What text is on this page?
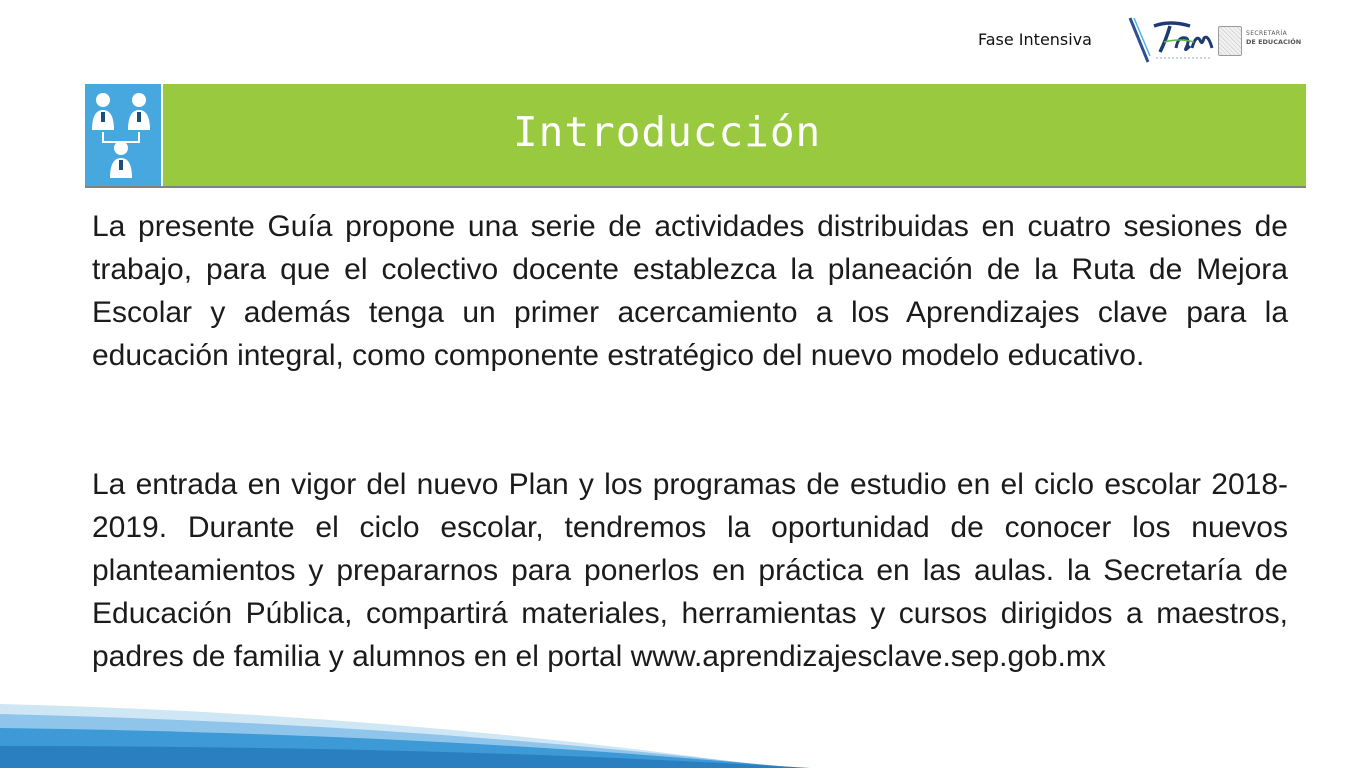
Fase Intensiva	SECRETARÍA
DE EDUCACIÓN
Introducción

La presente Guía propone una serie de actividades distribuidas en cuatro sesiones de trabajo, para que el colectivo docente establezca la planeación de la Ruta de Mejora Escolar y además tenga un primer acercamiento a los Aprendizajes clave para la educación integral, como componente estratégico del nuevo modelo educativo.

La entrada en vigor del nuevo Plan y los programas de estudio en el ciclo escolar 2018-2019. Durante el ciclo escolar, tendremos la oportunidad de conocer los nuevos planteamientos y prepararnos para ponerlos en práctica en las aulas. la Secretaría de Educación Pública, compartirá materiales, herramientas y cursos dirigidos a maestros, padres de familia y alumnos en el portal www.aprendizajesclave.sep.gob.mx
